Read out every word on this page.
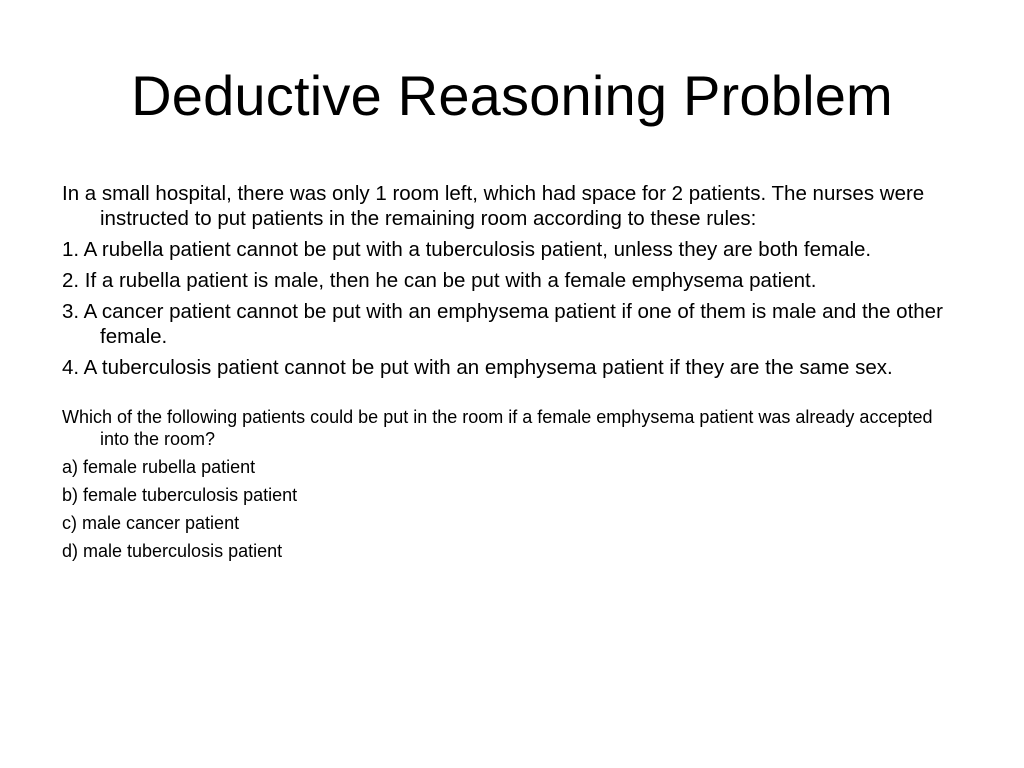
Deductive Reasoning Problem

In a small hospital, there was only 1 room left, which had space for 2 patients. The nurses were instructed to put patients in the remaining room according to these rules:

1. A rubella patient cannot be put with a tuberculosis patient, unless they are both female.

2. If a rubella patient is male, then he can be put with a female emphysema patient.

3. A cancer patient cannot be put with an emphysema patient if one of them is male and the other female.

4. A tuberculosis patient cannot be put with an emphysema patient if they are the same sex.

Which of the following patients could be put in the room if a female emphysema patient was already accepted into the room?

a) female rubella patient

b) female tuberculosis patient

c) male cancer patient

d) male tuberculosis patient
